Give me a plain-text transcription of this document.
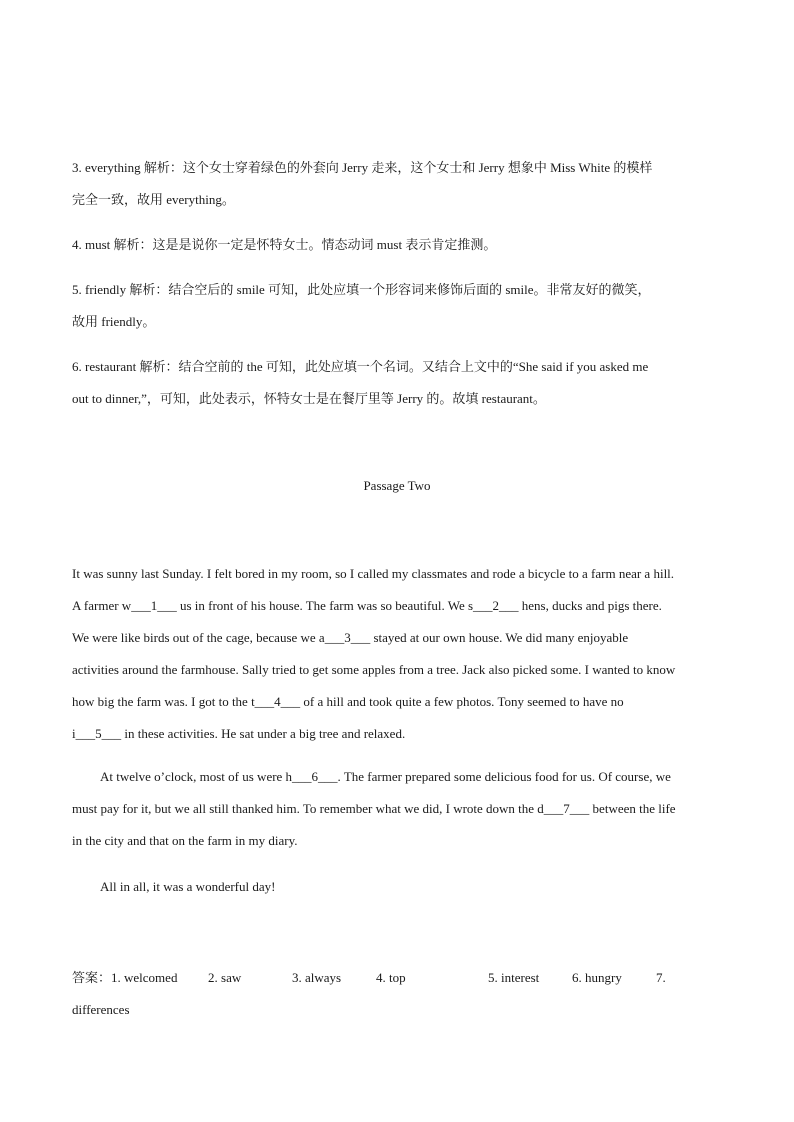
3. everything 解析：这个女士穿着绿色的外套向 Jerry 走来，这个女士和 Jerry 想象中 Miss White 的模样
完全一致，故用 everything。
4. must 解析：这是是说你一定是怀特女士。情态动词 must 表示肯定推测。
5. friendly 解析：结合空后的 smile 可知，此处应填一个形容词来修饰后面的 smile。非常友好的微笑，
故用 friendly。
6. restaurant 解析：结合空前的 the 可知，此处应填一个名词。又结合上文中的“She said if you asked me
out to dinner,”，可知，此处表示，怀特女士是在餐厅里等 Jerry 的。故填 restaurant。
Passage Two
It was sunny last Sunday. I felt bored in my room, so I called my classmates and rode a bicycle to a farm near a hill.
A farmer w___1___ us in front of his house. The farm was so beautiful. We s___2___ hens, ducks and pigs there.
We were like birds out of the cage, because we a___3___ stayed at our own house. We did many enjoyable
activities around the farmhouse. Sally tried to get some apples from a tree. Jack also picked some. I wanted to know
how big the farm was. I got to the t___4___ of a hill and took quite a few photos. Tony seemed to have no
i___5___ in these activities. He sat under a big tree and relaxed.
At twelve o’clock, most of us were h___6___. The farmer prepared some delicious food for us. Of course, we
must pay for it, but we all still thanked him. To remember what we did, I wrote down the d___7___ between the life
in the city and that on the farm in my diary.
All in all, it was a wonderful day!
答案：1. welcomed 2. saw	3. always	4. top	5. interest	6. hungry	7.
differences
